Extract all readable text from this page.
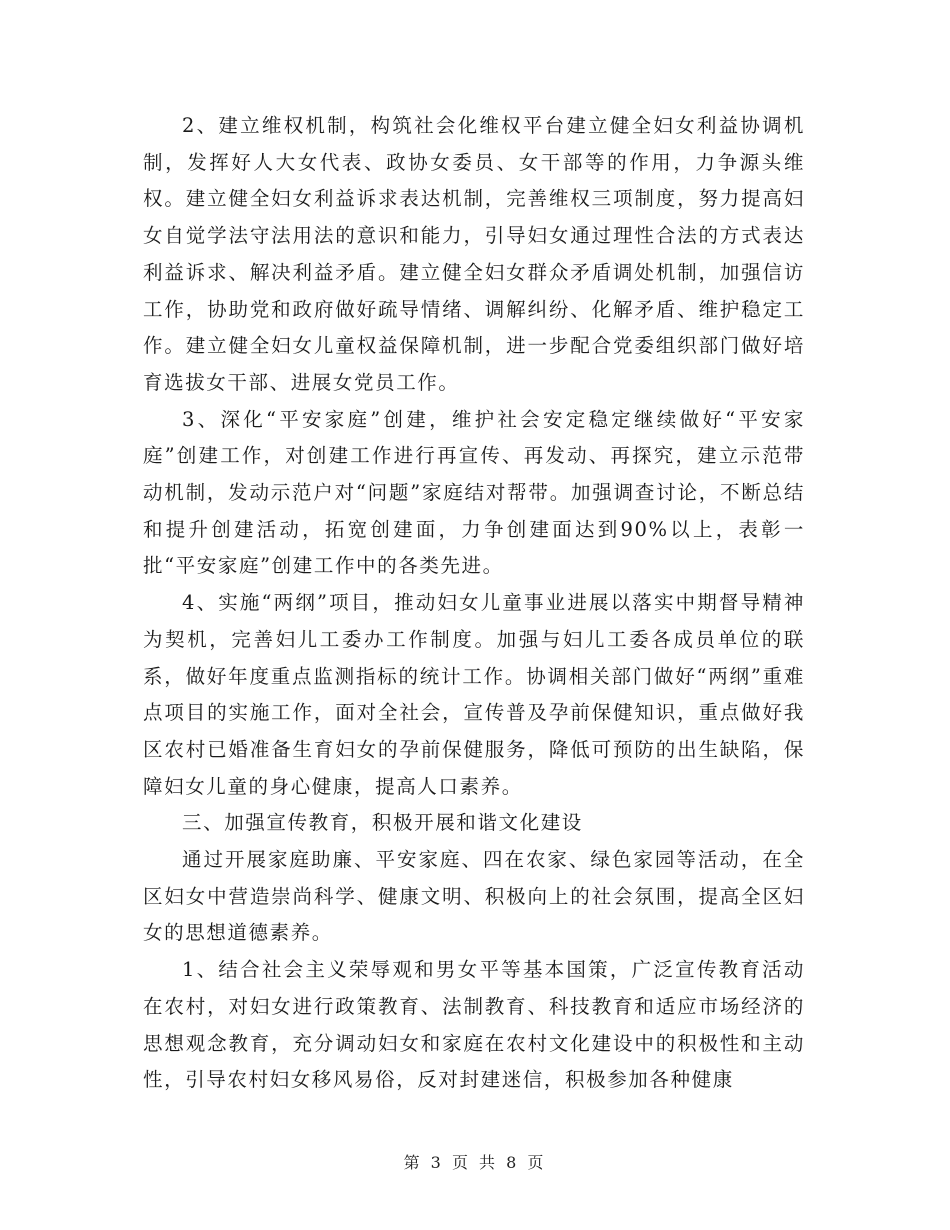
2、建立维权机制，构筑社会化维权平台建立健全妇女利益协调机制，发挥好人大女代表、政协女委员、女干部等的作用，力争源头维权。建立健全妇女利益诉求表达机制，完善维权三项制度，努力提高妇女自觉学法守法用法的意识和能力，引导妇女通过理性合法的方式表达利益诉求、解决利益矛盾。建立健全妇女群众矛盾调处机制，加强信访工作，协助党和政府做好疏导情绪、调解纠纷、化解矛盾、维护稳定工作。建立健全妇女儿童权益保障机制，进一步配合党委组织部门做好培育选拔女干部、进展女党员工作。

3、深化“平安家庭”创建，维护社会安定稳定继续做好“平安家庭”创建工作，对创建工作进行再宣传、再发动、再探究，建立示范带动机制，发动示范户对“问题”家庭结对帮带。加强调查讨论，不断总结和提升创建活动，拓宽创建面，力争创建面达到90%以上，表彰一批“平安家庭”创建工作中的各类先进。

4、实施“两纲”项目，推动妇女儿童事业进展以落实中期督导精神为契机，完善妇儿工委办工作制度。加强与妇儿工委各成员单位的联系，做好年度重点监测指标的统计工作。协调相关部门做好“两纲”重难点项目的实施工作，面对全社会，宣传普及孕前保健知识，重点做好我区农村已婚准备生育妇女的孕前保健服务，降低可预防的出生缺陷，保障妇女儿童的身心健康，提高人口素养。

三、加强宣传教育，积极开展和谐文化建设

通过开展家庭助廉、平安家庭、四在农家、绿色家园等活动，在全区妇女中营造崇尚科学、健康文明、积极向上的社会氛围，提高全区妇女的思想道德素养。

1、结合社会主义荣辱观和男女平等基本国策，广泛宣传教育活动在农村，对妇女进行政策教育、法制教育、科技教育和适应市场经济的思想观念教育，充分调动妇女和家庭在农村文化建设中的积极性和主动性，引导农村妇女移风易俗，反对封建迷信，积极参加各种健康

第 3 页 共 8 页
